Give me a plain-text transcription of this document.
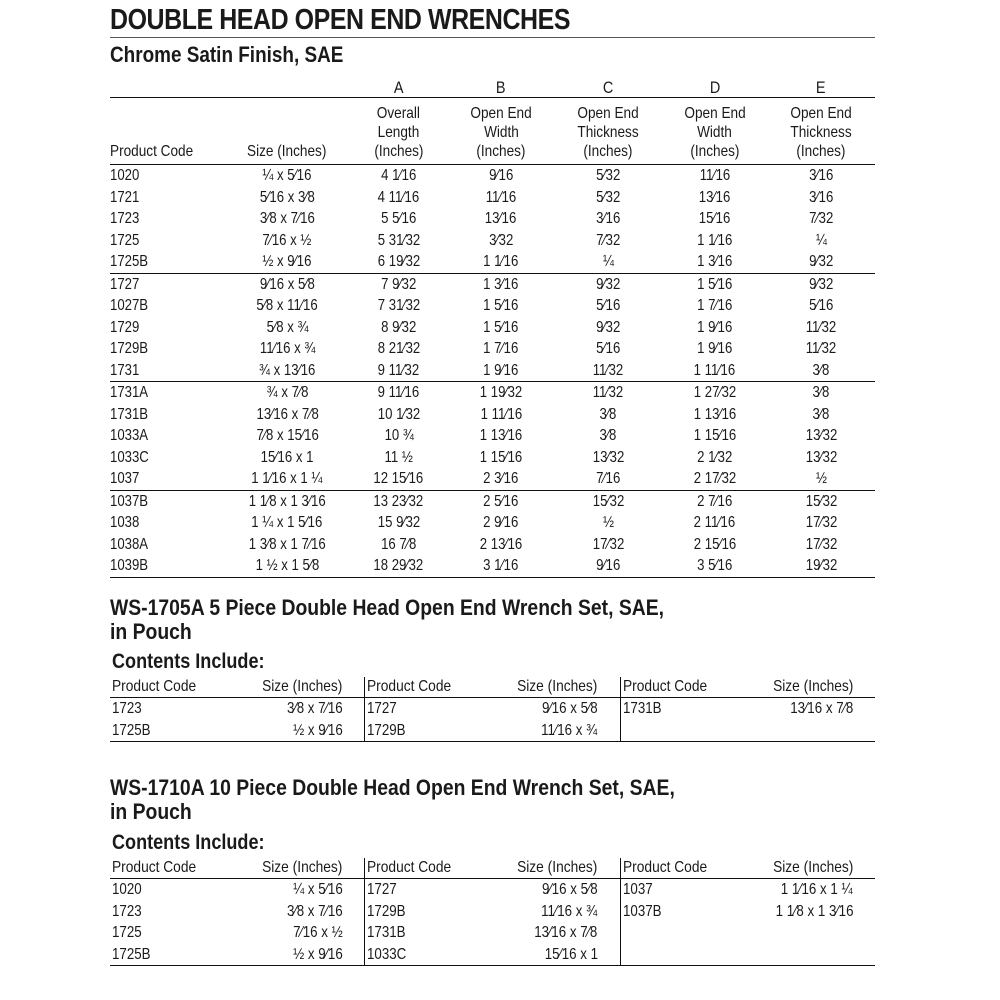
DOUBLE HEAD OPEN END WRENCHES
Chrome Satin Finish, SAE
		A	B	C	D	E
Product Code	Size (Inches)	Overall
Length
(Inches)	Open End
Width
(Inches)	Open End
Thickness
(Inches)	Open End
Width
(Inches)	Open End
Thickness
(Inches)
1020	¼ x 5⁄16	4 1⁄16	9⁄16	5⁄32	11⁄16	3⁄16
1721	5⁄16 x 3⁄8	4 11⁄16	11⁄16	5⁄32	13⁄16	3⁄16
1723	3⁄8 x 7⁄16	5 5⁄16	13⁄16	3⁄16	15⁄16	7⁄32
1725	7⁄16 x ½	5 31⁄32	3⁄32	7⁄32	1 1⁄16	¼
1725B	½ x 9⁄16	6 19⁄32	1 1⁄16	¼	1 3⁄16	9⁄32
1727	9⁄16 x 5⁄8	7 9⁄32	1 3⁄16	9⁄32	1 5⁄16	9⁄32
1027B	5⁄8 x 11⁄16	7 31⁄32	1 5⁄16	5⁄16	1 7⁄16	5⁄16
1729	5⁄8 x ¾	8 9⁄32	1 5⁄16	9⁄32	1 9⁄16	11⁄32
1729B	11⁄16 x ¾	8 21⁄32	1 7⁄16	5⁄16	1 9⁄16	11⁄32
1731	¾ x 13⁄16	9 11⁄32	1 9⁄16	11⁄32	1 11⁄16	3⁄8
1731A	¾ x 7⁄8	9 11⁄16	1 19⁄32	11⁄32	1 27⁄32	3⁄8
1731B	13⁄16 x 7⁄8	10 1⁄32	1 11⁄16	3⁄8	1 13⁄16	3⁄8
1033A	7⁄8 x 15⁄16	10 ¾	1 13⁄16	3⁄8	1 15⁄16	13⁄32
1033C	15⁄16 x 1	11 ½	1 15⁄16	13⁄32	2 1⁄32	13⁄32
1037	1 1⁄16 x 1 ¼	12 15⁄16	2 3⁄16	7⁄16	2 17⁄32	½
1037B	1 1⁄8 x 1 3⁄16	13 23⁄32	2 5⁄16	15⁄32	2 7⁄16	15⁄32
1038	1 ¼ x 1 5⁄16	15 9⁄32	2 9⁄16	½	2 11⁄16	17⁄32
1038A	1 3⁄8 x 1 7⁄16	16 7⁄8	2 13⁄16	17⁄32	2 15⁄16	17⁄32
1039B	1 ½ x 1 5⁄8	18 29⁄32	3 1⁄16	9⁄16	3 5⁄16	19⁄32
WS-1705A 5 Piece Double Head Open End Wrench Set, SAE,
in Pouch
Contents Include:
Product Code	Size (Inches)	Product Code	Size (Inches)	Product Code	Size (Inches)
1723	3⁄8 x 7⁄16	1727	9⁄16 x 5⁄8	1731B	13⁄16 x 7⁄8
1725B	½ x 9⁄16	1729B	11⁄16 x ¾		
WS-1710A 10 Piece Double Head Open End Wrench Set, SAE,
in Pouch
Contents Include:
Product Code	Size (Inches)	Product Code	Size (Inches)	Product Code	Size (Inches)
1020	¼ x 5⁄16	1727	9⁄16 x 5⁄8	1037	1 1⁄16 x 1 ¼
1723	3⁄8 x 7⁄16	1729B	11⁄16 x ¾	1037B	1 1⁄8 x 1 3⁄16
1725	7⁄16 x ½	1731B	13⁄16 x 7⁄8		
1725B	½ x 9⁄16	1033C	15⁄16 x 1		
